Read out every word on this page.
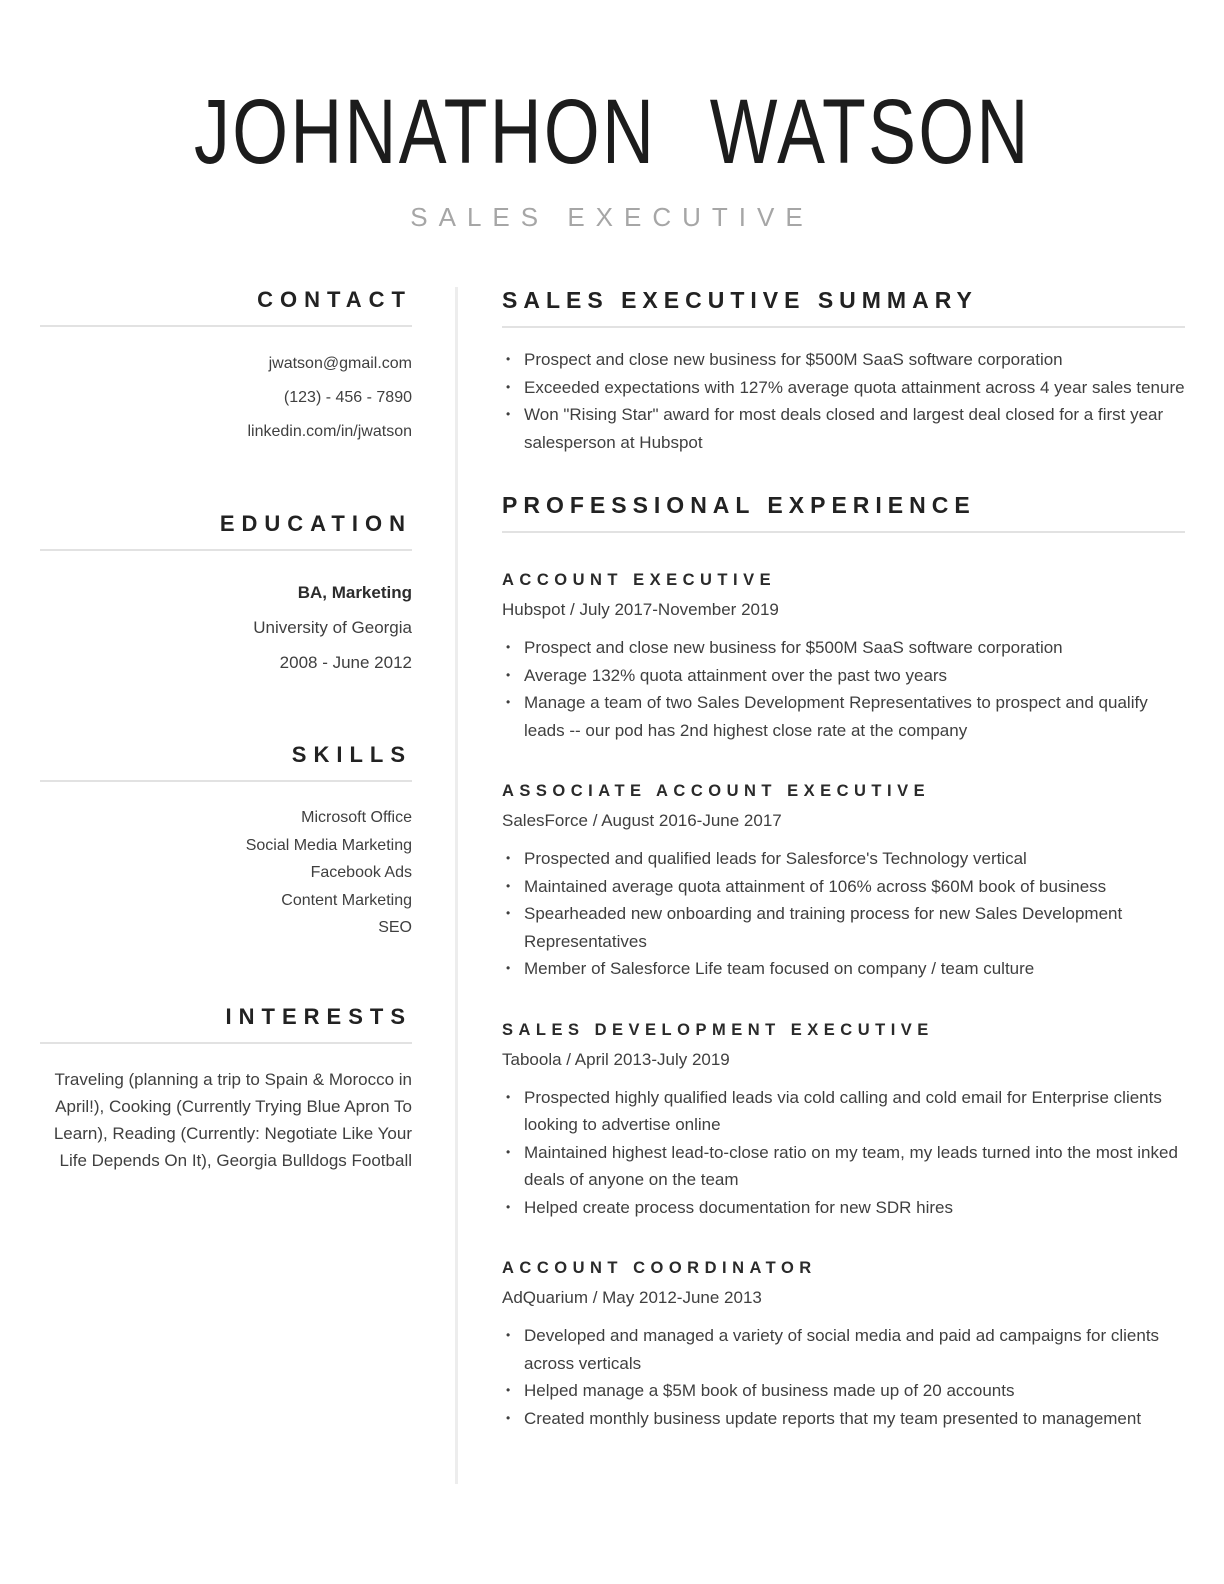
JOHNATHON WATSON
SALES EXECUTIVE
CONTACT
jwatson@gmail.com
(123) - 456 - 7890
linkedin.com/in/jwatson
EDUCATION
BA, Marketing
University of Georgia
2008 - June 2012
SKILLS
Microsoft Office
Social Media Marketing
Facebook Ads
Content Marketing
SEO
INTERESTS
Traveling (planning a trip to Spain & Morocco in April!), Cooking (Currently Trying Blue Apron To Learn), Reading (Currently: Negotiate Like Your Life Depends On It), Georgia Bulldogs Football
SALES EXECUTIVE SUMMARY
• Prospect and close new business for $500M SaaS software corporation
• Exceeded expectations with 127% average quota attainment across 4 year sales tenure
• Won "Rising Star" award for most deals closed and largest deal closed for a first year salesperson at Hubspot
PROFESSIONAL EXPERIENCE
ACCOUNT EXECUTIVE
Hubspot / July 2017-November 2019
• Prospect and close new business for $500M SaaS software corporation
• Average 132% quota attainment over the past two years
• Manage a team of two Sales Development Representatives to prospect and qualify leads -- our pod has 2nd highest close rate at the company
ASSOCIATE ACCOUNT EXECUTIVE
SalesForce / August 2016-June 2017
• Prospected and qualified leads for Salesforce's Technology vertical
• Maintained average quota attainment of 106% across $60M book of business
• Spearheaded new onboarding and training process for new Sales Development Representatives
• Member of Salesforce Life team focused on company / team culture
SALES DEVELOPMENT EXECUTIVE
Taboola / April 2013-July 2019
• Prospected highly qualified leads via cold calling and cold email for Enterprise clients looking to advertise online
• Maintained highest lead-to-close ratio on my team, my leads turned into the most inked deals of anyone on the team
• Helped create process documentation for new SDR hires
ACCOUNT COORDINATOR
AdQuarium / May 2012-June 2013
• Developed and managed a variety of social media and paid ad campaigns for clients across verticals
• Helped manage a $5M book of business made up of 20 accounts
• Created monthly business update reports that my team presented to management
